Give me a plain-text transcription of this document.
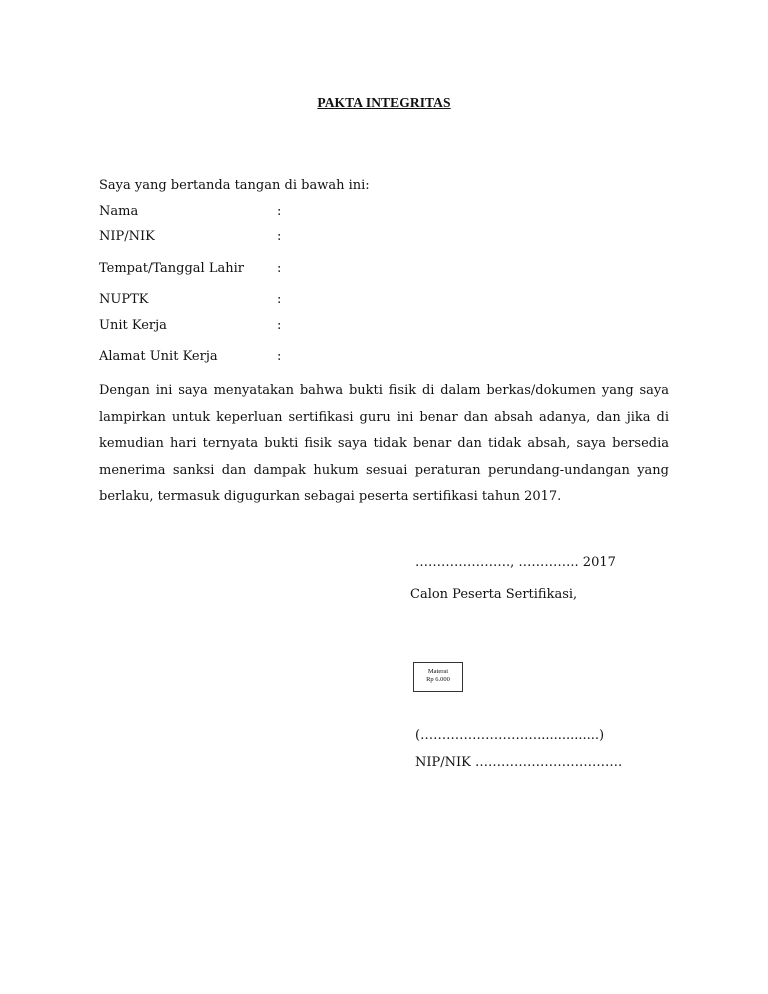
PAKTA INTEGRITAS
Saya yang bertanda tangan di bawah ini:
Nama	:
NIP/NIK	:
Tempat/Tanggal Lahir	:
NUPTK	:
Unit Kerja	:
Alamat Unit Kerja	:
Dengan ini saya menyatakan bahwa bukti fisik di dalam berkas/dokumen yang saya lampirkan untuk keperluan sertifikasi guru ini benar dan absah adanya, dan jika di kemudian hari ternyata bukti fisik saya tidak benar dan tidak absah, saya bersedia menerima sanksi dan dampak hukum sesuai peraturan perundang-undangan yang berlaku, termasuk digugurkan sebagai peserta sertifikasi tahun 2017.
…………………., ………….. 2017
Calon Peserta Sertifikasi,
Materai
Rp 6.000
(………………………...............)
NIP/NIK …………………………….
